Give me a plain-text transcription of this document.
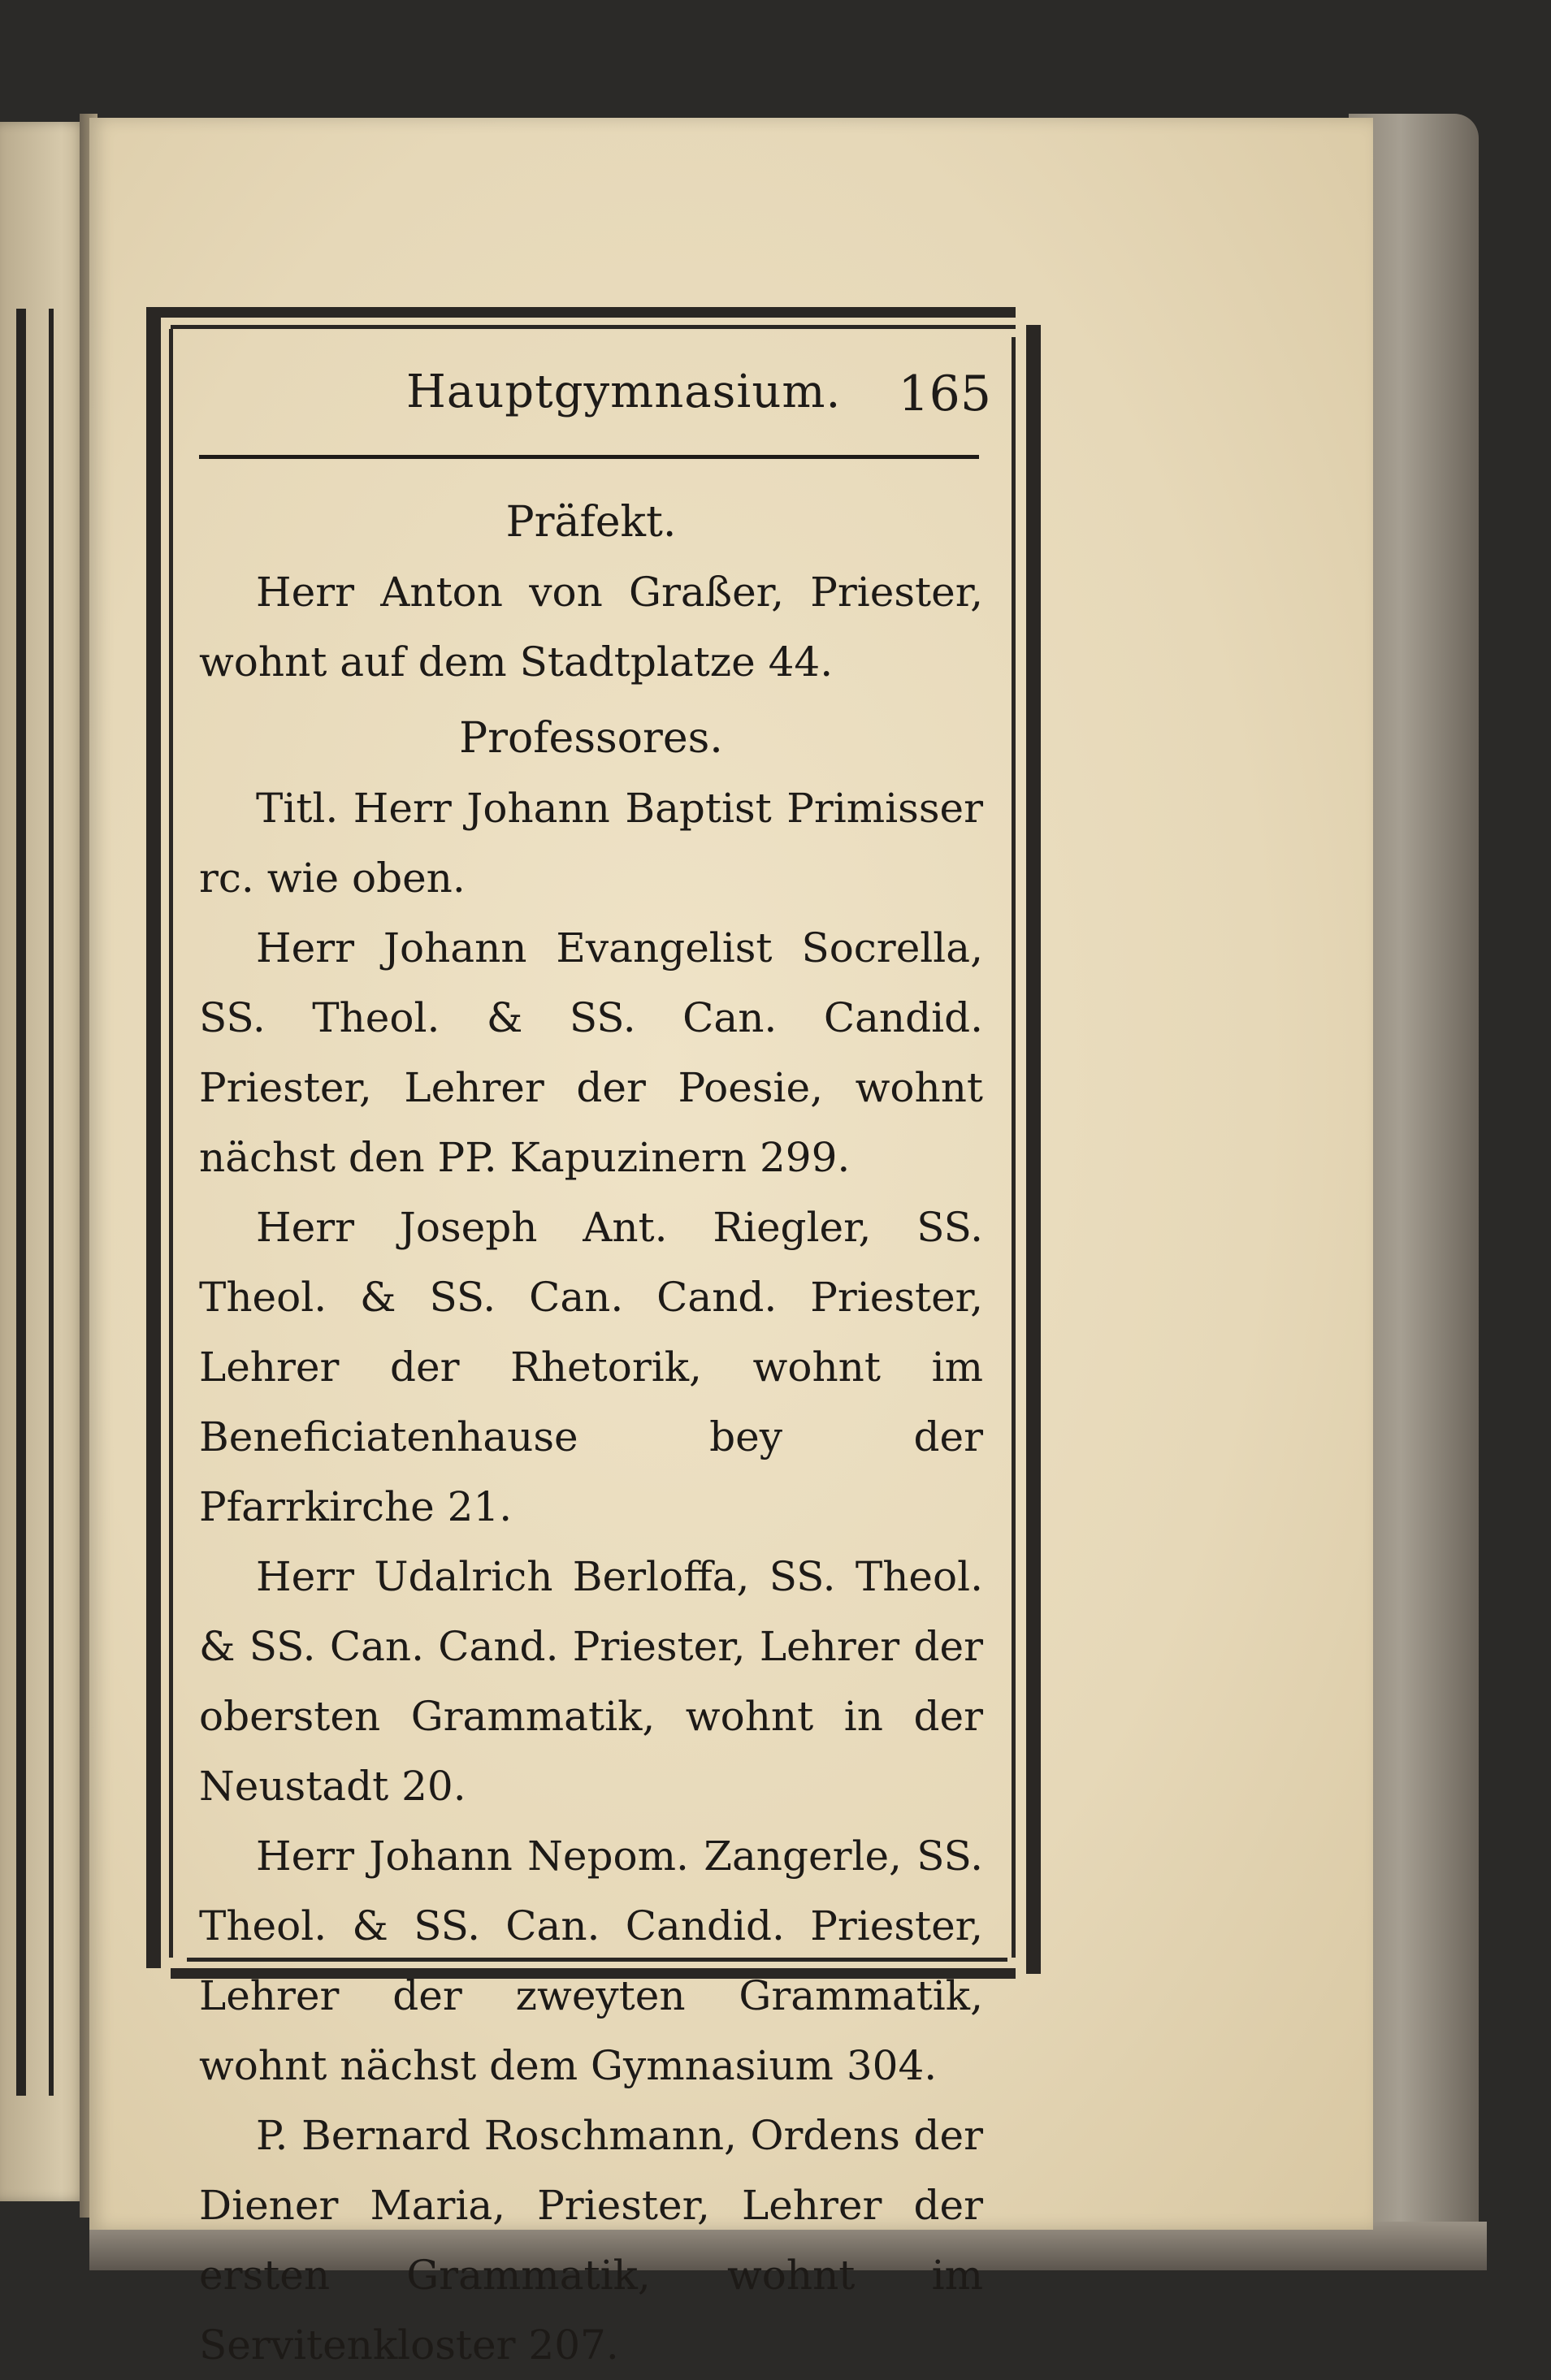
Hauptgymnasium. 165
Präfekt.

Herr Anton von Graßer, Priester, wohnt auf dem Stadtplatze 44.

Professores.

Titl. Herr Johann Baptist Primisser rc. wie oben.

Herr Johann Evangelist Socrella, SS. Theol. & SS. Can. Candid. Priester, Lehrer der Poesie, wohnt nächst den PP. Kapuzinern 299.

Herr Joseph Ant. Riegler, SS. Theol. & SS. Can. Cand. Priester, Lehrer der Rhetorik, wohnt im Beneficiatenhause bey der Pfarrkirche 21.

Herr Udalrich Berloffa, SS. Theol. & SS. Can. Cand. Priester, Lehrer der obersten Grammatik, wohnt in der Neustadt 20.

Herr Johann Nepom. Zangerle, SS. Theol. & SS. Can. Candid. Priester, Lehrer der zweyten Grammatik, wohnt nächst dem Gymnasium 304.

P. Bernard Roschmann, Ordens der Diener Maria, Priester, Lehrer der ersten Grammatik, wohnt im Servitenkloster 207.
